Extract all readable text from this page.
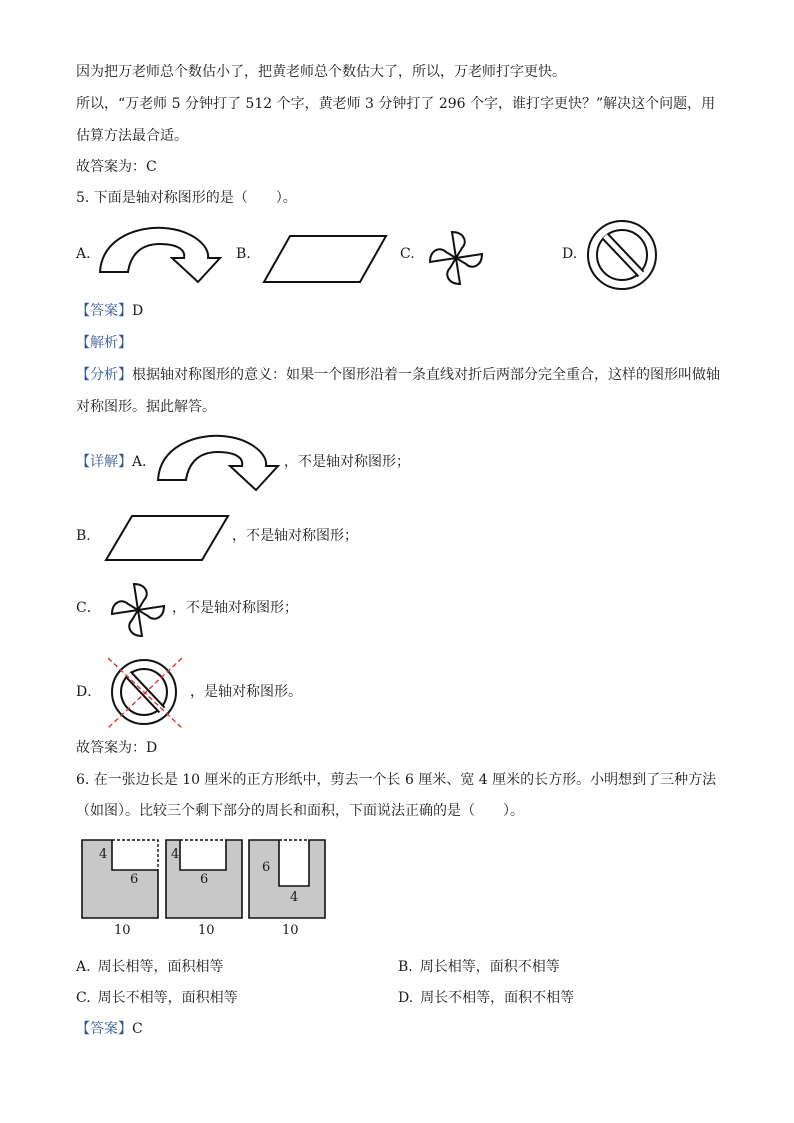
因为把万老师总个数估小了，把黄老师总个数估大了，所以，万老师打字更快。
所以，“万老师 5 分钟打了 512 个字，黄老师 3 分钟打了 296 个字，谁打字更快？”解决这个问题，用
估算方法最合适。
故答案为：C
5. 下面是轴对称图形的是（　　）。
A.	B.	C.	D.
【答案】D
【解析】
【分析】根据轴对称图形的意义：如果一个图形沿着一条直线对折后两部分完全重合，这样的图形叫做轴
对称图形。据此解答。
【详解】A．	，不是轴对称图形；
B．	，不是轴对称图形；
C．	，不是轴对称图形；
D．	，是轴对称图形。
故答案为：D
6. 在一张边长是 10 厘米的正方形纸中，剪去一个长 6 厘米、宽 4 厘米的长方形。小明想到了三种方法
（如图）。比较三个剩下部分的周长和面积，下面说法正确的是（　　）。
4
6
10
4
6
10
6
4
10
A.  周长相等，面积相等	B.  周长相等，面积不相等
C.  周长不相等，面积相等	D.  周长不相等，面积不相等
【答案】C
